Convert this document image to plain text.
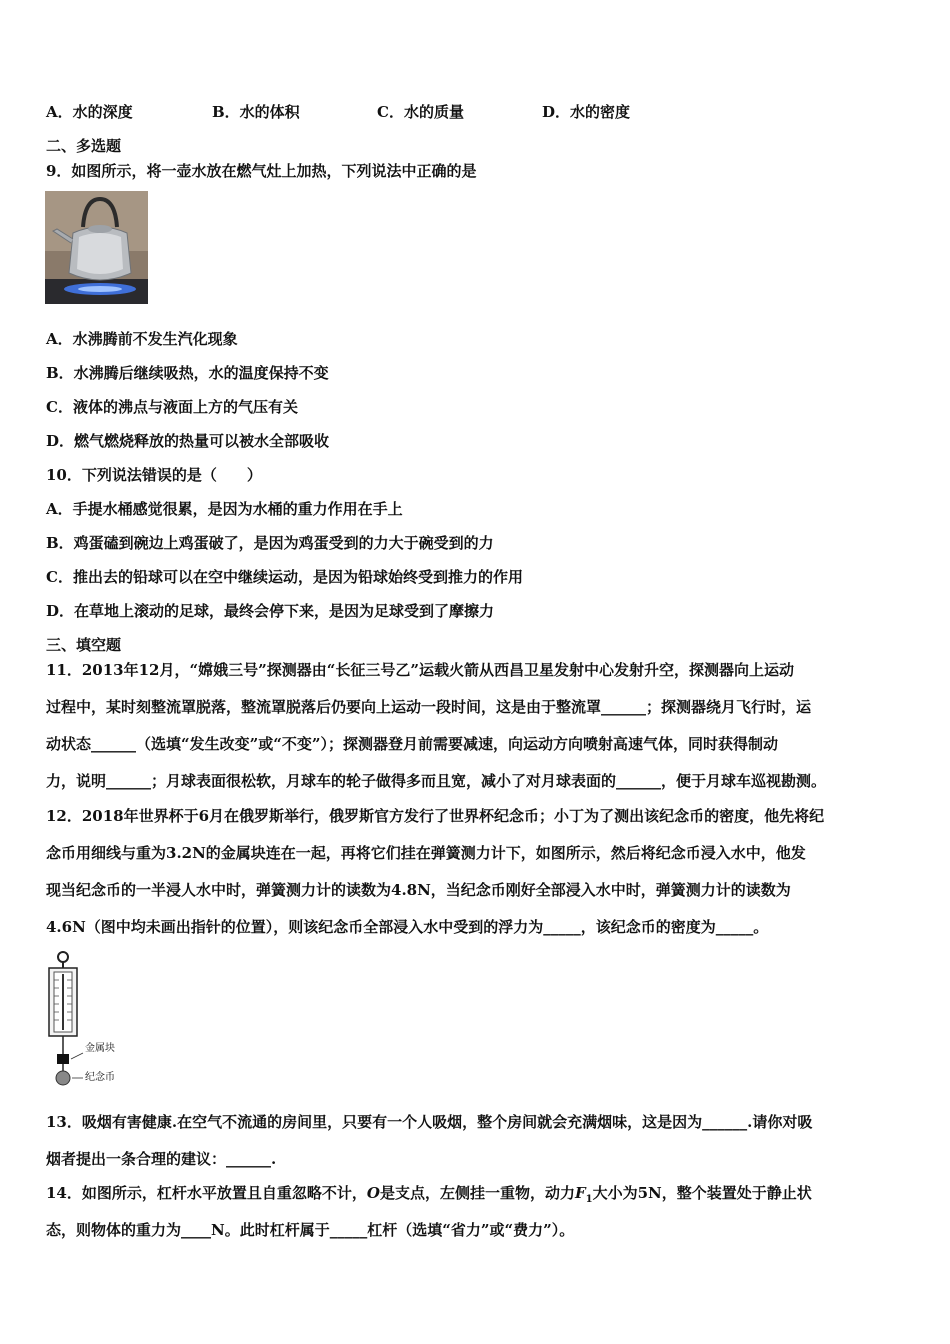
A．水的深度	B．水的体积	C．水的质量	D．水的密度
二、多选题
9．如图所示，将一壶水放在燃气灶上加热，下列说法中正确的是
A．水沸腾前不发生汽化现象
B．水沸腾后继续吸热，水的温度保持不变
C．液体的沸点与液面上方的气压有关
D．燃气燃烧释放的热量可以被水全部吸收
10．下列说法错误的是（　　）
A．手提水桶感觉很累，是因为水桶的重力作用在手上
B．鸡蛋磕到碗边上鸡蛋破了，是因为鸡蛋受到的力大于碗受到的力
C．推出去的铅球可以在空中继续运动，是因为铅球始终受到推力的作用
D．在草地上滚动的足球，最终会停下来，是因为足球受到了摩擦力
三、填空题
11．2013年12月，“嫦娥三号”探测器由“长征三号乙”运载火箭从西昌卫星发射中心发射升空，探测器向上运动
过程中，某时刻整流罩脱落，整流罩脱落后仍要向上运动一段时间，这是由于整流罩______；探测器绕月飞行时，运
动状态______（选填“发生改变”或“不变”）；探测器登月前需要减速，向运动方向喷射高速气体，同时获得制动
力，说明______；月球表面很松软，月球车的轮子做得多而且宽，减小了对月球表面的______，便于月球车巡视勘测。
12．2018年世界杯于6月在俄罗斯举行，俄罗斯官方发行了世界杯纪念币；小丁为了测出该纪念币的密度，他先将纪
念币用细线与重为3.2N的金属块连在一起，再将它们挂在弹簧测力计下，如图所示，然后将纪念币浸入水中，他发
现当纪念币的一半浸人水中时，弹簧测力计的读数为4.8N，当纪念币刚好全部浸入水中时，弹簧测力计的读数为
4.6N（图中均未画出指针的位置），则该纪念币全部浸入水中受到的浮力为_____，该纪念币的密度为_____。
金属块
纪念币
13．吸烟有害健康.在空气不流通的房间里，只要有一个人吸烟，整个房间就会充满烟味，这是因为______.请你对吸
烟者提出一条合理的建议：______.
14．如图所示，杠杆水平放置且自重忽略不计，O是支点，左侧挂一重物，动力$F_1$大小为5N，整个装置处于静止状
态，则物体的重力为____N。此时杠杆属于_____杠杆（选填“省力”或“费力”）。
